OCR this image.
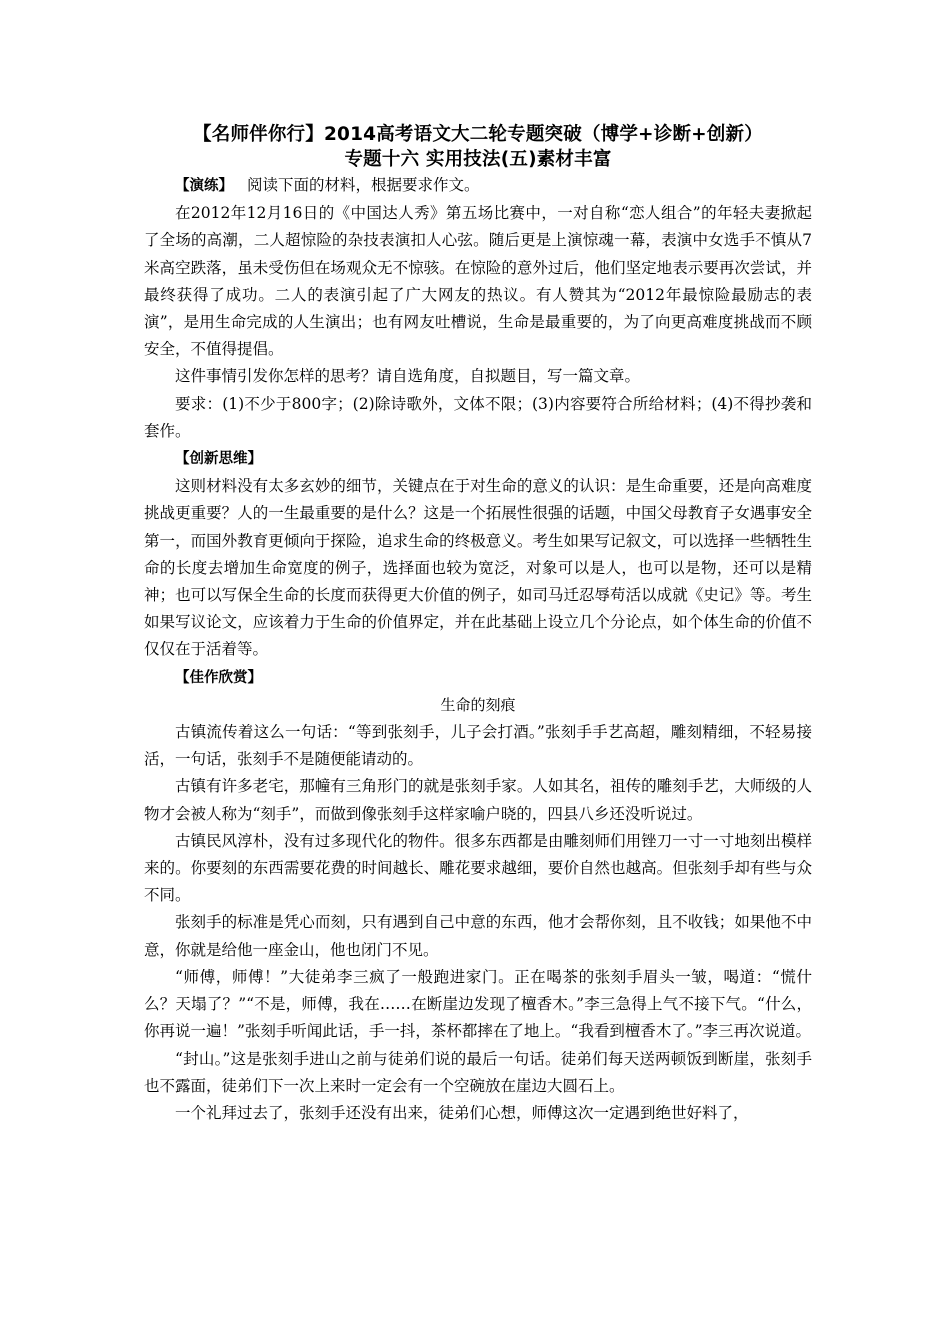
【名师伴你行】2014高考语文大二轮专题突破（博学+诊断+创新）
专题十六 实用技法(五)素材丰富

【演练】 阅读下面的材料，根据要求作文。

在2012年12月16日的《中国达人秀》第五场比赛中，一对自称“恋人组合”的年轻夫妻掀起了全场的高潮，二人超惊险的杂技表演扣人心弦。随后更是上演惊魂一幕，表演中女选手不慎从7米高空跌落，虽未受伤但在场观众无不惊骇。在惊险的意外过后，他们坚定地表示要再次尝试，并最终获得了成功。二人的表演引起了广大网友的热议。有人赞其为“2012年最惊险最励志的表演”，是用生命完成的人生演出；也有网友吐槽说，生命是最重要的，为了向更高难度挑战而不顾安全，不值得提倡。

这件事情引发你怎样的思考？请自选角度，自拟题目，写一篇文章。

要求：(1)不少于800字；(2)除诗歌外，文体不限；(3)内容要符合所给材料；(4)不得抄袭和套作。

【创新思维】

这则材料没有太多玄妙的细节，关键点在于对生命的意义的认识：是生命重要，还是向高难度挑战更重要？人的一生最重要的是什么？这是一个拓展性很强的话题，中国父母教育子女遇事安全第一，而国外教育更倾向于探险，追求生命的终极意义。考生如果写记叙文，可以选择一些牺牲生命的长度去增加生命宽度的例子，选择面也较为宽泛，对象可以是人，也可以是物，还可以是精神；也可以写保全生命的长度而获得更大价值的例子，如司马迁忍辱苟活以成就《史记》等。考生如果写议论文，应该着力于生命的价值界定，并在此基础上设立几个分论点，如个体生命的价值不仅仅在于活着等。

【佳作欣赏】

生命的刻痕

古镇流传着这么一句话：“等到张刻手，儿子会打酒。”张刻手手艺高超，雕刻精细，不轻易接活，一句话，张刻手不是随便能请动的。

古镇有许多老宅，那幢有三角形门的就是张刻手家。人如其名，祖传的雕刻手艺，大师级的人物才会被人称为“刻手”，而做到像张刻手这样家喻户晓的，四县八乡还没听说过。

古镇民风淳朴，没有过多现代化的物件。很多东西都是由雕刻师们用锉刀一寸一寸地刻出模样来的。你要刻的东西需要花费的时间越长、雕花要求越细，要价自然也越高。但张刻手却有些与众不同。

张刻手的标准是凭心而刻，只有遇到自己中意的东西，他才会帮你刻，且不收钱；如果他不中意，你就是给他一座金山，他也闭门不见。

“师傅，师傅！”大徒弟李三疯了一般跑进家门。正在喝茶的张刻手眉头一皱，喝道：“慌什么？天塌了？”“不是，师傅，我在……在断崖边发现了檀香木。”李三急得上气不接下气。“什么，你再说一遍！”张刻手听闻此话，手一抖，茶杯都摔在了地上。“我看到檀香木了。”李三再次说道。

“封山。”这是张刻手进山之前与徒弟们说的最后一句话。徒弟们每天送两顿饭到断崖，张刻手也不露面，徒弟们下一次上来时一定会有一个空碗放在崖边大圆石上。

一个礼拜过去了，张刻手还没有出来，徒弟们心想，师傅这次一定遇到绝世好料了，
